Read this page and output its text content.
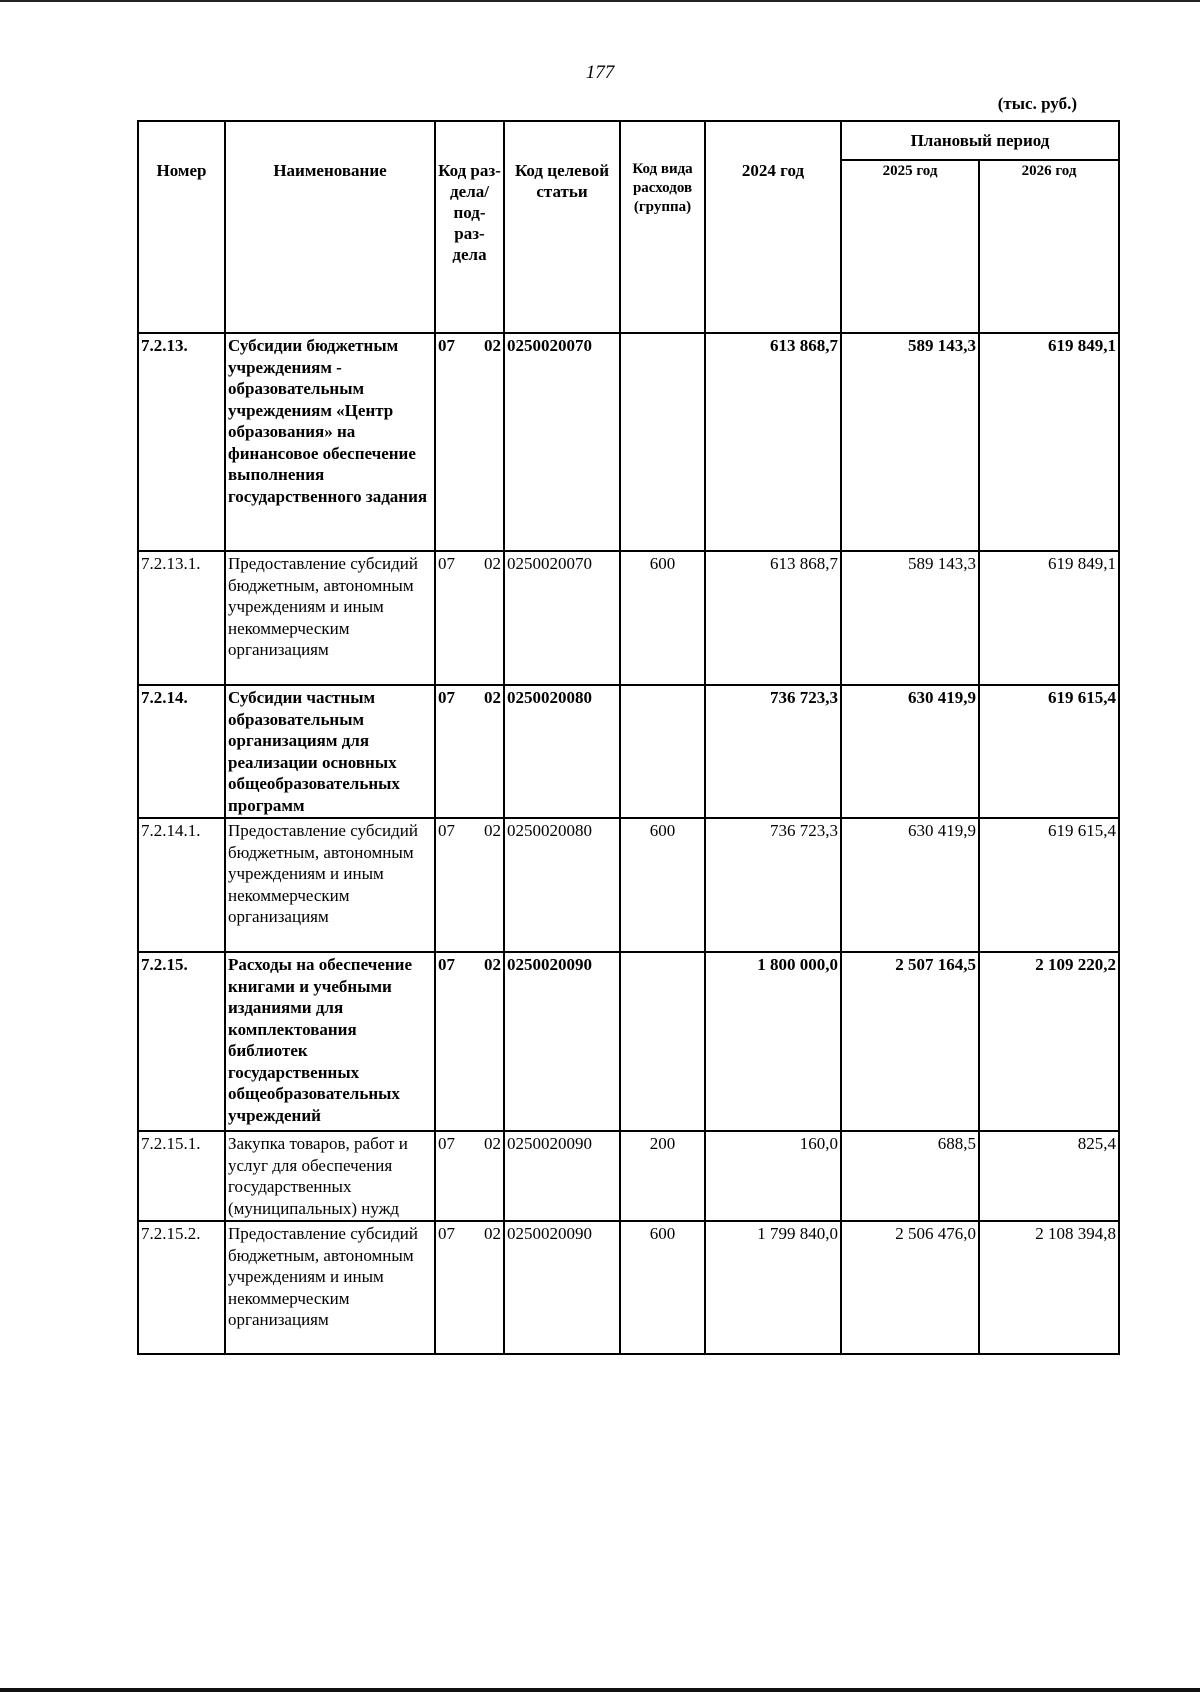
177
(тыс. руб.)
Номер	Наименование	Код раз- дела/ под- раз- дела	Код целевой статьи	Код вида расходов (группа)	2024 год	Плановый период	
						2025 год	2026 год
7.2.13.	Субсидии бюджетным учреждениям - образовательным учреждениям «Центр образования» на финансовое обеспечение выполнения государственного задания	07 02	0250020070		613 868,7	589 143,3	619 849,1
7.2.13.1.	Предоставление субсидий бюджетным, автономным учреждениям и иным некоммерческим организациям	07 02	0250020070	600	613 868,7	589 143,3	619 849,1
7.2.14.	Субсидии частным образовательным организациям для реализации основных общеобразовательных программ	07 02	0250020080		736 723,3	630 419,9	619 615,4
7.2.14.1.	Предоставление субсидий бюджетным, автономным учреждениям и иным некоммерческим организациям	07 02	0250020080	600	736 723,3	630 419,9	619 615,4
7.2.15.	Расходы на обеспечение книгами и учебными изданиями для комплектования библиотек государственных общеобразовательных учреждений	07 02	0250020090		1 800 000,0	2 507 164,5	2 109 220,2
7.2.15.1.	Закупка товаров, работ и услуг для обеспечения государственных (муниципальных) нужд	07 02	0250020090	200	160,0	688,5	825,4
7.2.15.2.	Предоставление субсидий бюджетным, автономным учреждениям и иным некоммерческим организациям	07 02	0250020090	600	1 799 840,0	2 506 476,0	2 108 394,8
